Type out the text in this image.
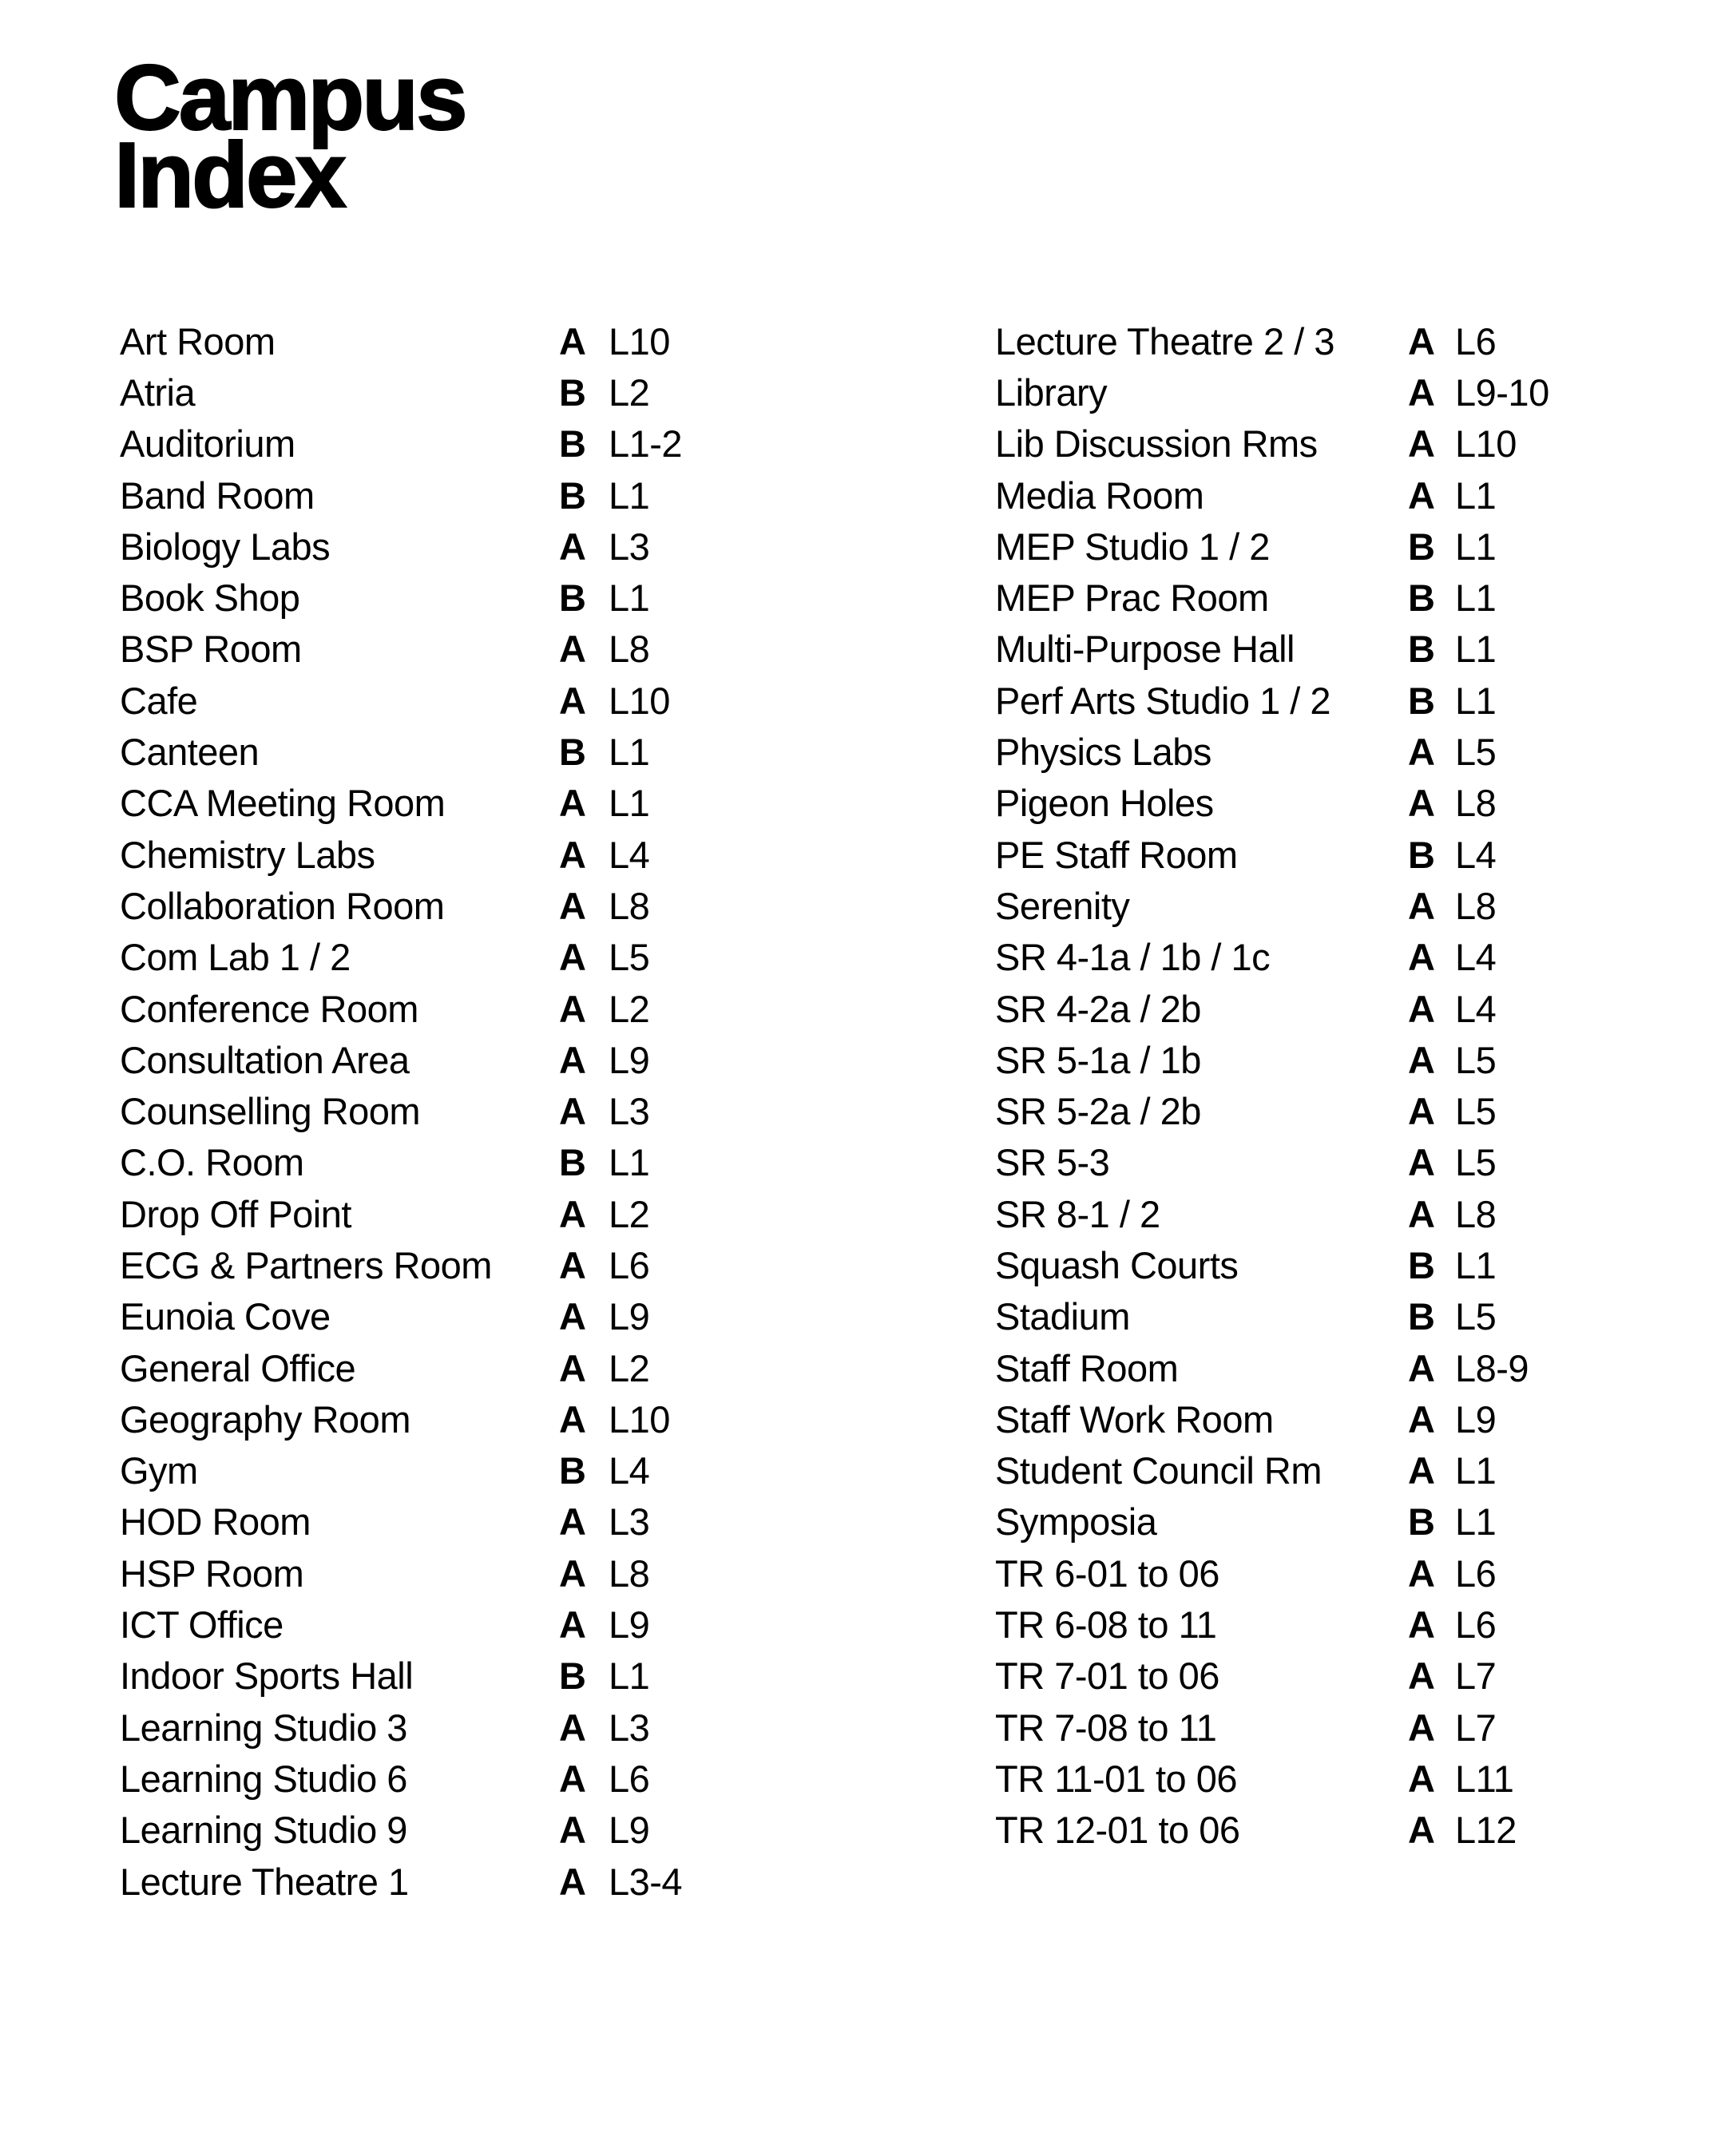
Campus
Index
Art Room	A L10
Atria	B L2
Auditorium	B L1-2
Band Room	B L1
Biology Labs	A L3
Book Shop	B L1
BSP Room	A L8
Cafe	A L10
Canteen	B L1
CCA Meeting Room	A L1
Chemistry Labs	A L4
Collaboration Room	A L8
Com Lab 1 / 2	A L5
Conference Room	A L2
Consultation Area	A L9
Counselling Room	A L3
C.O. Room	B L1
Drop Off Point	A L2
ECG & Partners Room	A L6
Eunoia Cove	A L9
General Office	A L2
Geography Room	A L10
Gym	B L4
HOD Room	A L3
HSP Room	A L8
ICT Office	A L9
Indoor Sports Hall	B L1
Learning Studio 3	A L3
Learning Studio 6	A L6
Learning Studio 9	A L9
Lecture Theatre 1	A L3-4
Lecture Theatre 2 / 3	A L6
Library	A L9-10
Lib Discussion Rms	A L10
Media Room	A L1
MEP Studio 1 / 2	B L1
MEP Prac Room	B L1
Multi-Purpose Hall	B L1
Perf Arts Studio 1 / 2	B L1
Physics Labs	A L5
Pigeon Holes	A L8
PE Staff Room	B L4
Serenity	A L8
SR 4-1a / 1b / 1c	A L4
SR 4-2a / 2b	A L4
SR 5-1a / 1b	A L5
SR 5-2a / 2b	A L5
SR 5-3	A L5
SR 8-1 / 2	A L8
Squash Courts	B L1
Stadium	B L5
Staff Room	A L8-9
Staff Work Room	A L9
Student Council Rm	A L1
Symposia	B L1
TR 6-01 to 06	A L6
TR 6-08 to 11	A L6
TR 7-01 to 06	A L7
TR 7-08 to 11	A L7
TR 11-01 to 06	A L11
TR 12-01 to 06	A L12
